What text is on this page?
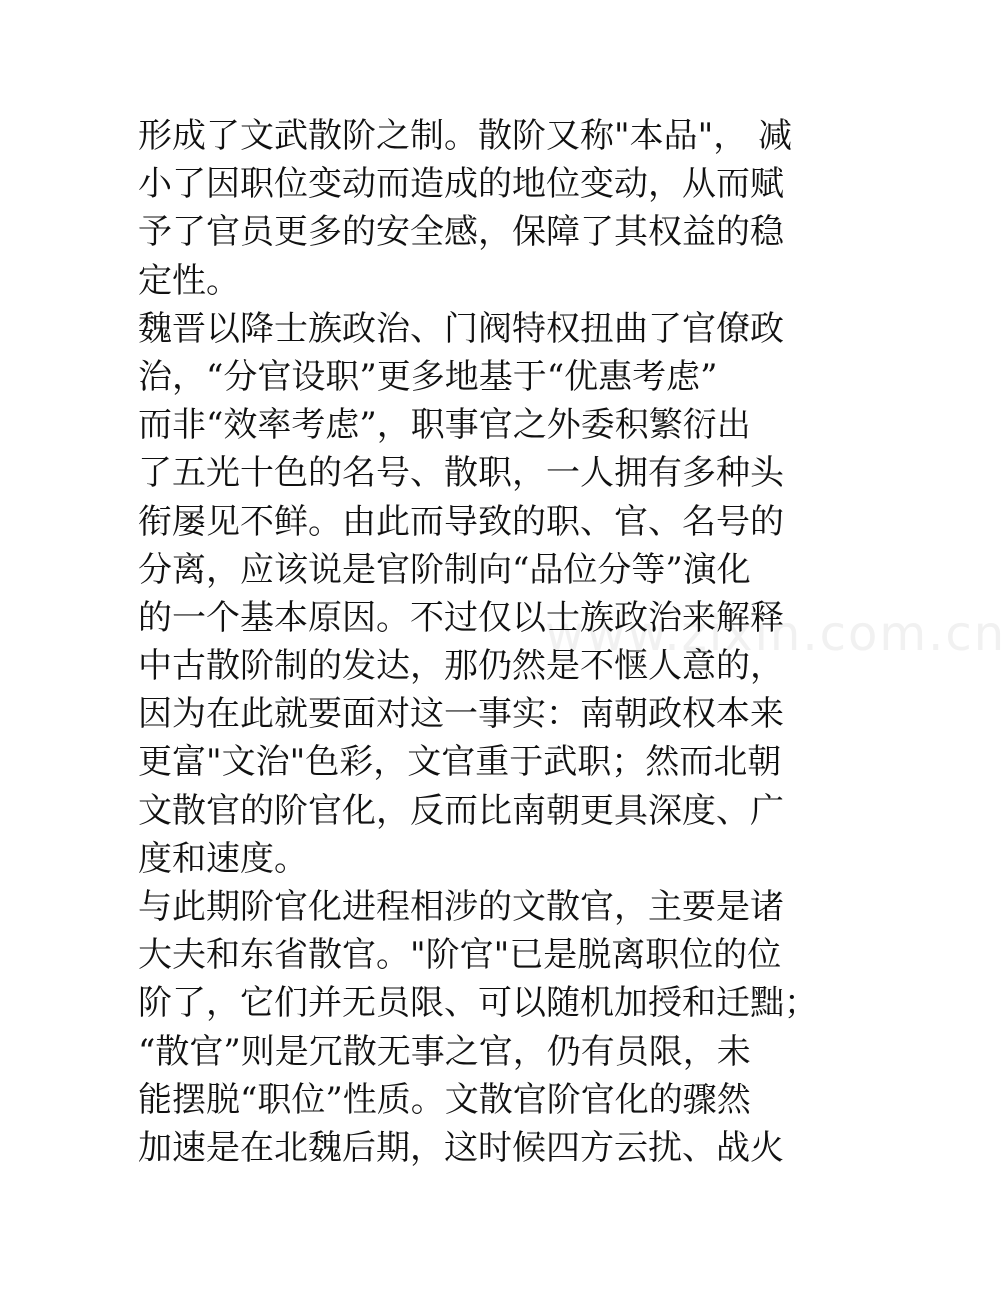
www.zixin.com.cn
形成了文武散阶之制。散阶又称"本品"， 减
小了因职位变动而造成的地位变动，从而赋
予了官员更多的安全感，保障了其权益的稳
定性。
魏晋以降士族政治、门阀特权扭曲了官僚政
治，“分官设职”更多地基于“优惠考虑”
而非“效率考虑”，职事官之外委积繁衍出
了五光十色的名号、散职，一人拥有多种头
衔屡见不鲜。由此而导致的职、官、名号的
分离，应该说是官阶制向“品位分等”演化
的一个基本原因。不过仅以士族政治来解释
中古散阶制的发达，那仍然是不惬人意的，
因为在此就要面对这一事实：南朝政权本来
更富"文治"色彩，文官重于武职；然而北朝
文散官的阶官化，反而比南朝更具深度、广
度和速度。
与此期阶官化进程相涉的文散官，主要是诸
大夫和东省散官。"阶官"已是脱离职位的位
阶了，它们并无员限、可以随机加授和迁黜；
“散官”则是冗散无事之官，仍有员限，未
能摆脱“职位”性质。文散官阶官化的骤然
加速是在北魏后期，这时候四方云扰、战火
